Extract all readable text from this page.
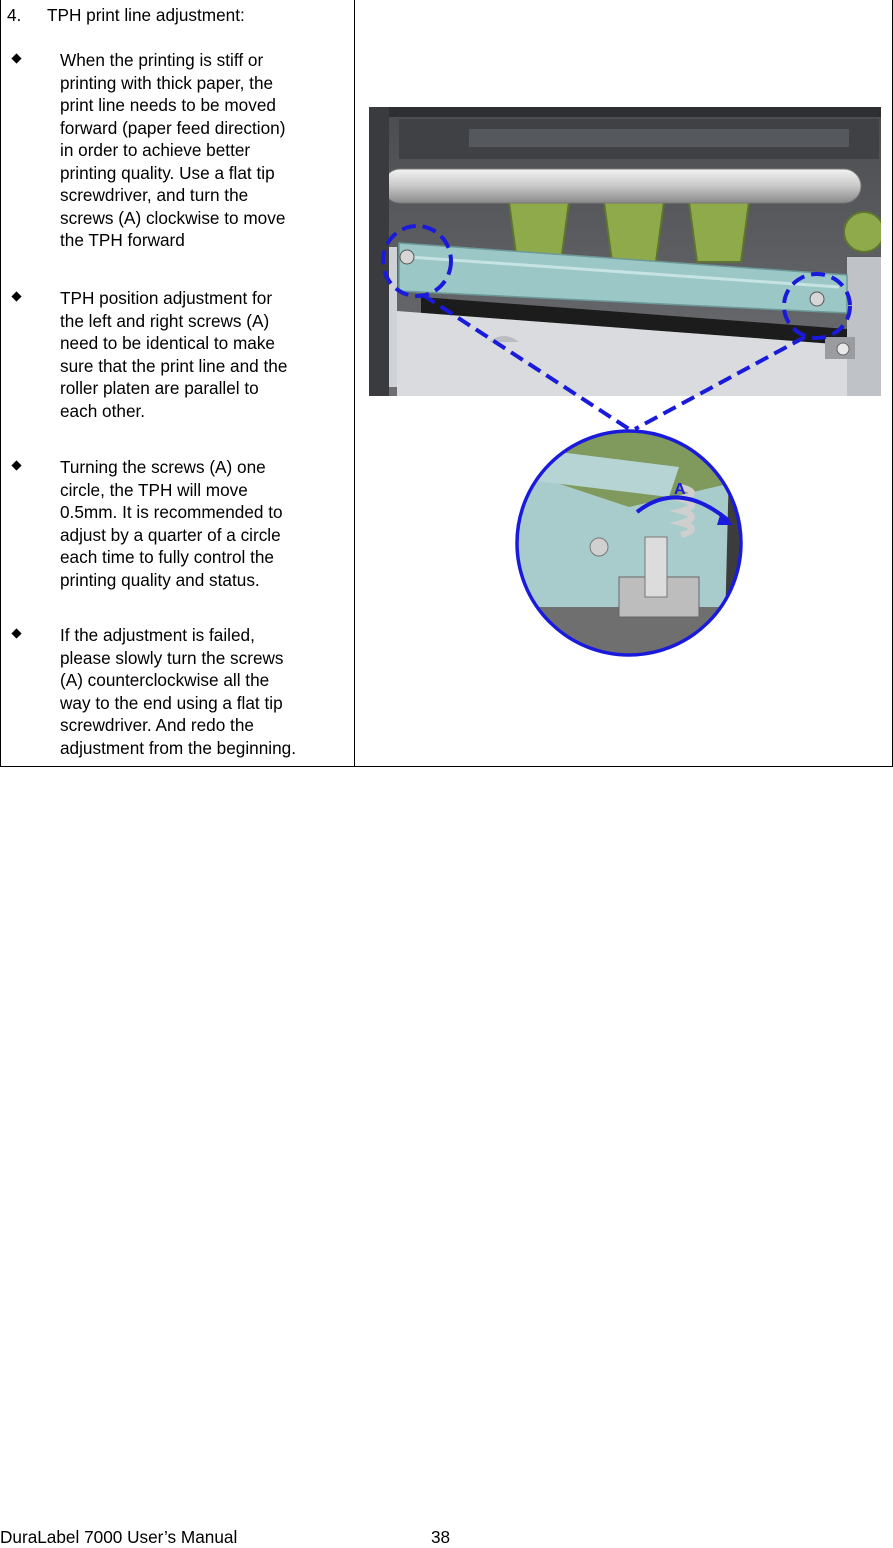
4. TPH print line adjustment:
When the printing is stiff or
printing with thick paper, the
print line needs to be moved
forward (paper feed direction)
in order to achieve better
printing quality. Use a flat tip
screwdriver, and turn the
screws (A) clockwise to move
the TPH forward
TPH position adjustment for
the left and right screws (A)
need to be identical to make
sure that the print line and the
roller platen are parallel to
each other.
Turning the screws (A) one
circle, the TPH will move
0.5mm. It is recommended to
adjust by a quarter of a circle
each time to fully control the
printing quality and status.
If the adjustment is failed,
please slowly turn the screws
(A) counterclockwise all the
way to the end using a flat tip
screwdriver. And redo the
adjustment from the beginning.
A
DuraLabel 7000 User’s Manual	38
